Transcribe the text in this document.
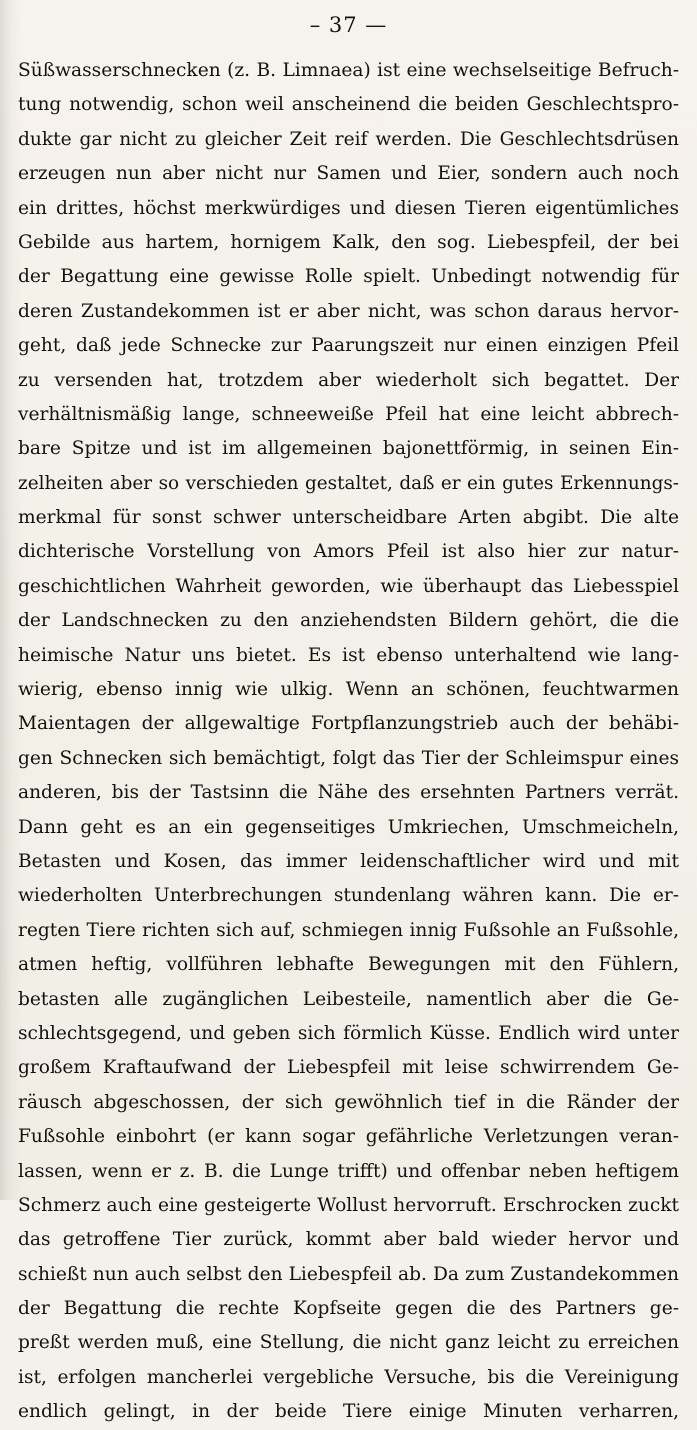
– 37 —
Süßwasserschnecken (z. B. Limnaea) ist eine wechselseitige Befruch-
tung notwendig, schon weil anscheinend die beiden Geschlechtspro-
dukte gar nicht zu gleicher Zeit reif werden. Die Geschlechtsdrüsen
erzeugen nun aber nicht nur Samen und Eier, sondern auch noch
ein drittes, höchst merkwürdiges und diesen Tieren eigentümliches
Gebilde aus hartem, hornigem Kalk, den sog. Liebespfeil, der bei
der Begattung eine gewisse Rolle spielt. Unbedingt notwendig für
deren Zustandekommen ist er aber nicht, was schon daraus hervor-
geht, daß jede Schnecke zur Paarungszeit nur einen einzigen Pfeil
zu versenden hat, trotzdem aber wiederholt sich begattet. Der
verhältnismäßig lange, schneeweiße Pfeil hat eine leicht abbrech-
bare Spitze und ist im allgemeinen bajonettförmig, in seinen Ein-
zelheiten aber so verschieden gestaltet, daß er ein gutes Erkennungs-
merkmal für sonst schwer unterscheidbare Arten abgibt. Die alte
dichterische Vorstellung von Amors Pfeil ist also hier zur natur-
geschichtlichen Wahrheit geworden, wie überhaupt das Liebesspiel
der Landschnecken zu den anziehendsten Bildern gehört, die die
heimische Natur uns bietet. Es ist ebenso unterhaltend wie lang-
wierig, ebenso innig wie ulkig. Wenn an schönen, feuchtwarmen
Maientagen der allgewaltige Fortpflanzungstrieb auch der behäbi-
gen Schnecken sich bemächtigt, folgt das Tier der Schleimspur eines
anderen, bis der Tastsinn die Nähe des ersehnten Partners verrät.
Dann geht es an ein gegenseitiges Umkriechen, Umschmeicheln,
Betasten und Kosen, das immer leidenschaftlicher wird und mit
wiederholten Unterbrechungen stundenlang währen kann. Die er-
regten Tiere richten sich auf, schmiegen innig Fußsohle an Fußsohle,
atmen heftig, vollführen lebhafte Bewegungen mit den Fühlern,
betasten alle zugänglichen Leibesteile, namentlich aber die Ge-
schlechtsgegend, und geben sich förmlich Küsse. Endlich wird unter
großem Kraftaufwand der Liebespfeil mit leise schwirrendem Ge-
räusch abgeschossen, der sich gewöhnlich tief in die Ränder der
Fußsohle einbohrt (er kann sogar gefährliche Verletzungen veran-
lassen, wenn er z. B. die Lunge trifft) und offenbar neben heftigem
Schmerz auch eine gesteigerte Wollust hervorruft. Erschrocken zuckt
das getroffene Tier zurück, kommt aber bald wieder hervor und
schießt nun auch selbst den Liebespfeil ab. Da zum Zustandekommen
der Begattung die rechte Kopfseite gegen die des Partners ge-
preßt werden muß, eine Stellung, die nicht ganz leicht zu erreichen
ist, erfolgen mancherlei vergebliche Versuche, bis die Vereinigung
endlich gelingt, in der beide Tiere einige Minuten verharren,
